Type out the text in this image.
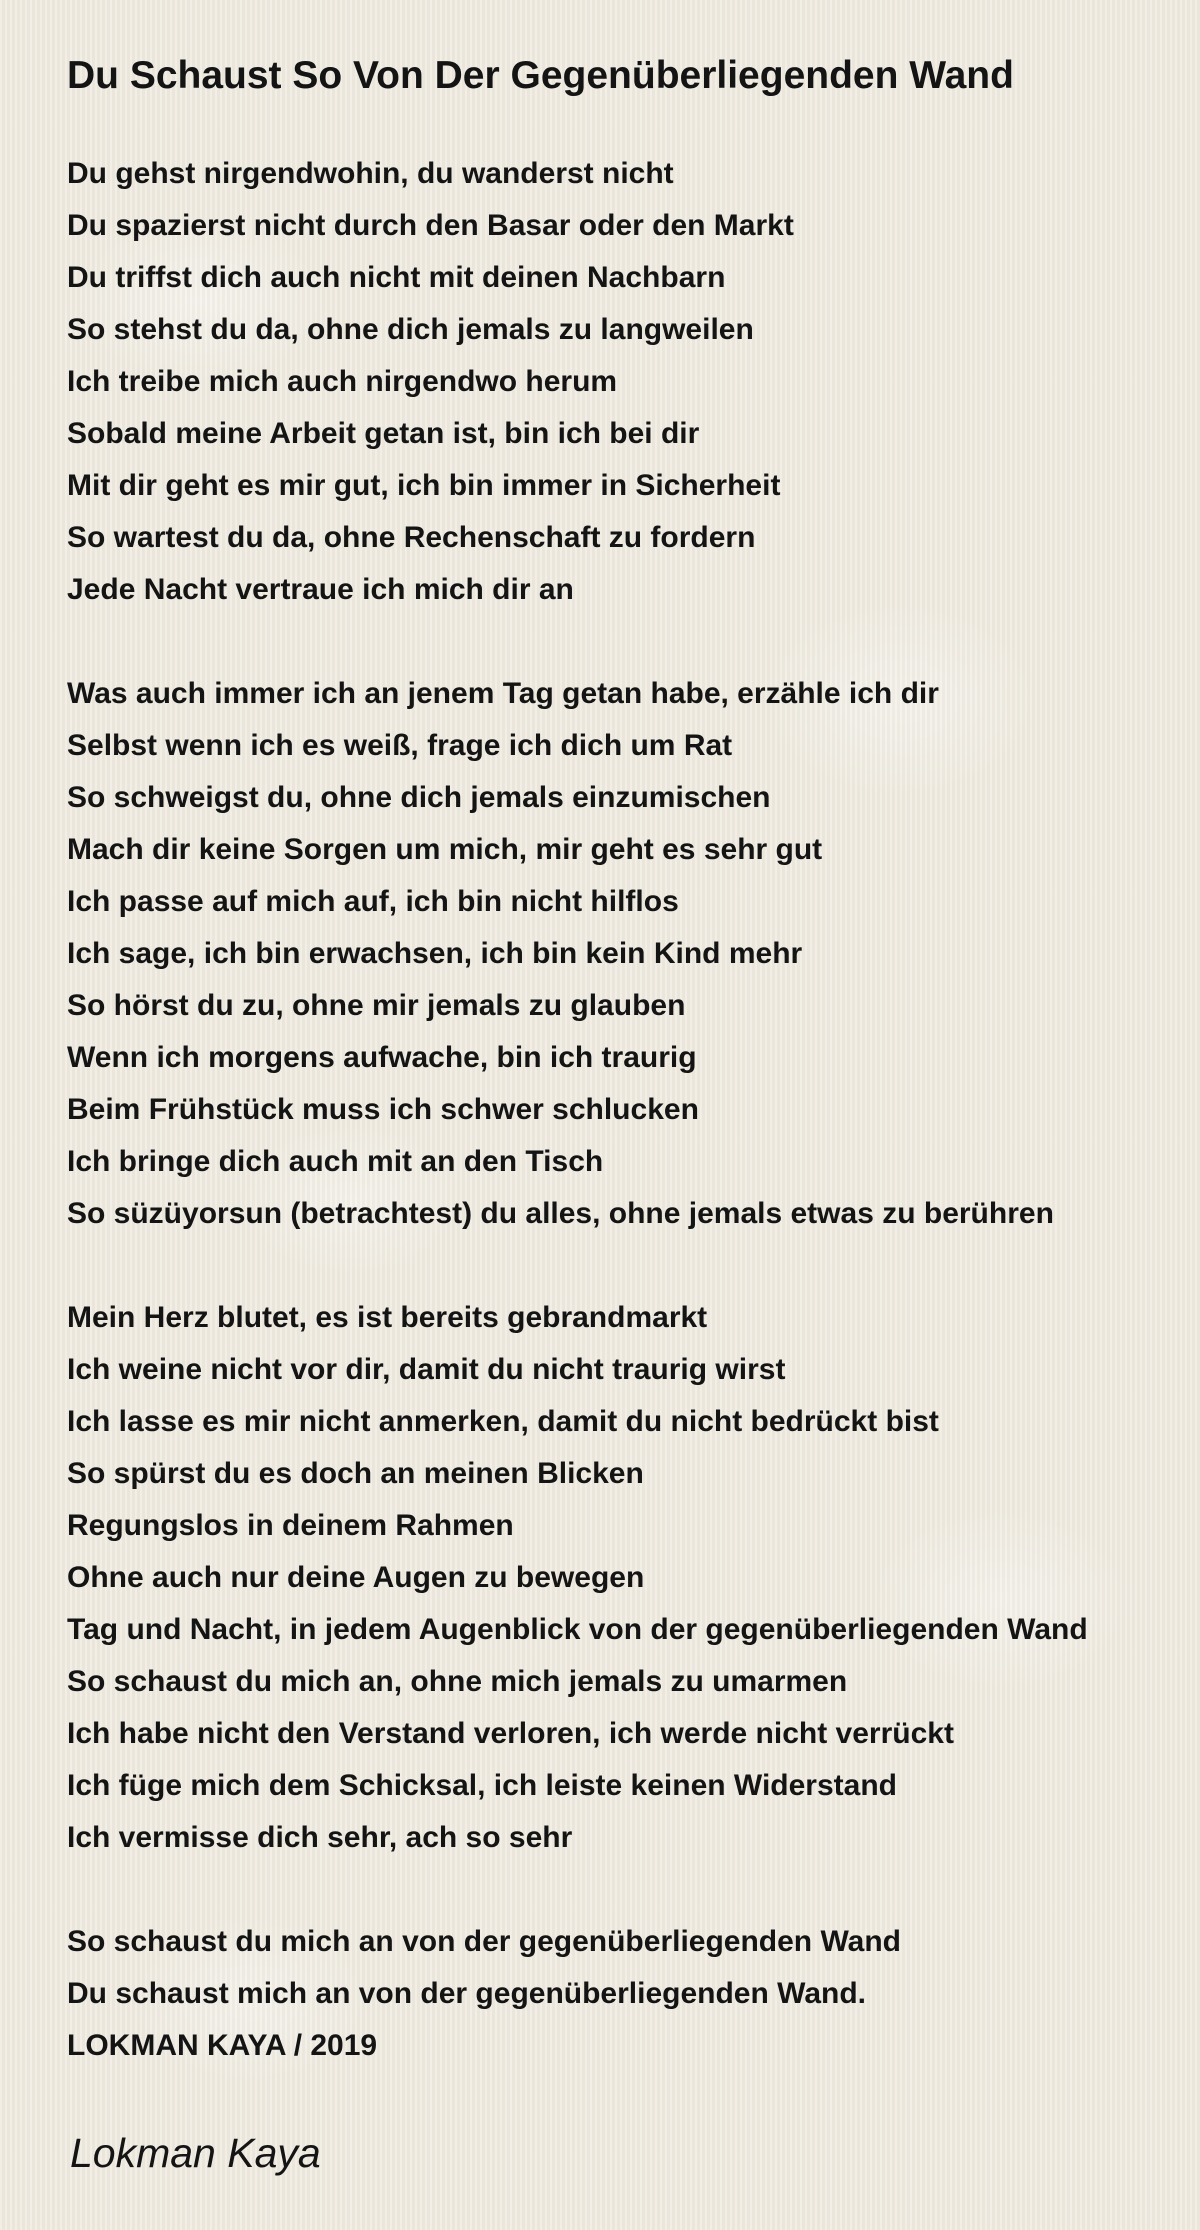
Du Schaust So Von Der Gegenüberliegenden Wand
Du gehst nirgendwohin, du wanderst nicht
Du spazierst nicht durch den Basar oder den Markt
Du triffst dich auch nicht mit deinen Nachbarn
So stehst du da, ohne dich jemals zu langweilen
Ich treibe mich auch nirgendwo herum
Sobald meine Arbeit getan ist, bin ich bei dir
Mit dir geht es mir gut, ich bin immer in Sicherheit
So wartest du da, ohne Rechenschaft zu fordern
Jede Nacht vertraue ich mich dir an
Was auch immer ich an jenem Tag getan habe, erzähle ich dir
Selbst wenn ich es weiß, frage ich dich um Rat
So schweigst du, ohne dich jemals einzumischen
Mach dir keine Sorgen um mich, mir geht es sehr gut
Ich passe auf mich auf, ich bin nicht hilflos
Ich sage, ich bin erwachsen, ich bin kein Kind mehr
So hörst du zu, ohne mir jemals zu glauben
Wenn ich morgens aufwache, bin ich traurig
Beim Frühstück muss ich schwer schlucken
Ich bringe dich auch mit an den Tisch
So süzüyorsun (betrachtest) du alles, ohne jemals etwas zu berühren
Mein Herz blutet, es ist bereits gebrandmarkt
Ich weine nicht vor dir, damit du nicht traurig wirst
Ich lasse es mir nicht anmerken, damit du nicht bedrückt bist
So spürst du es doch an meinen Blicken
Regungslos in deinem Rahmen
Ohne auch nur deine Augen zu bewegen
Tag und Nacht, in jedem Augenblick von der gegenüberliegenden Wand
So schaust du mich an, ohne mich jemals zu umarmen
Ich habe nicht den Verstand verloren, ich werde nicht verrückt
Ich füge mich dem Schicksal, ich leiste keinen Widerstand
Ich vermisse dich sehr, ach so sehr
So schaust du mich an von der gegenüberliegenden Wand
Du schaust mich an von der gegenüberliegenden Wand.
LOKMAN KAYA / 2019
Lokman Kaya
